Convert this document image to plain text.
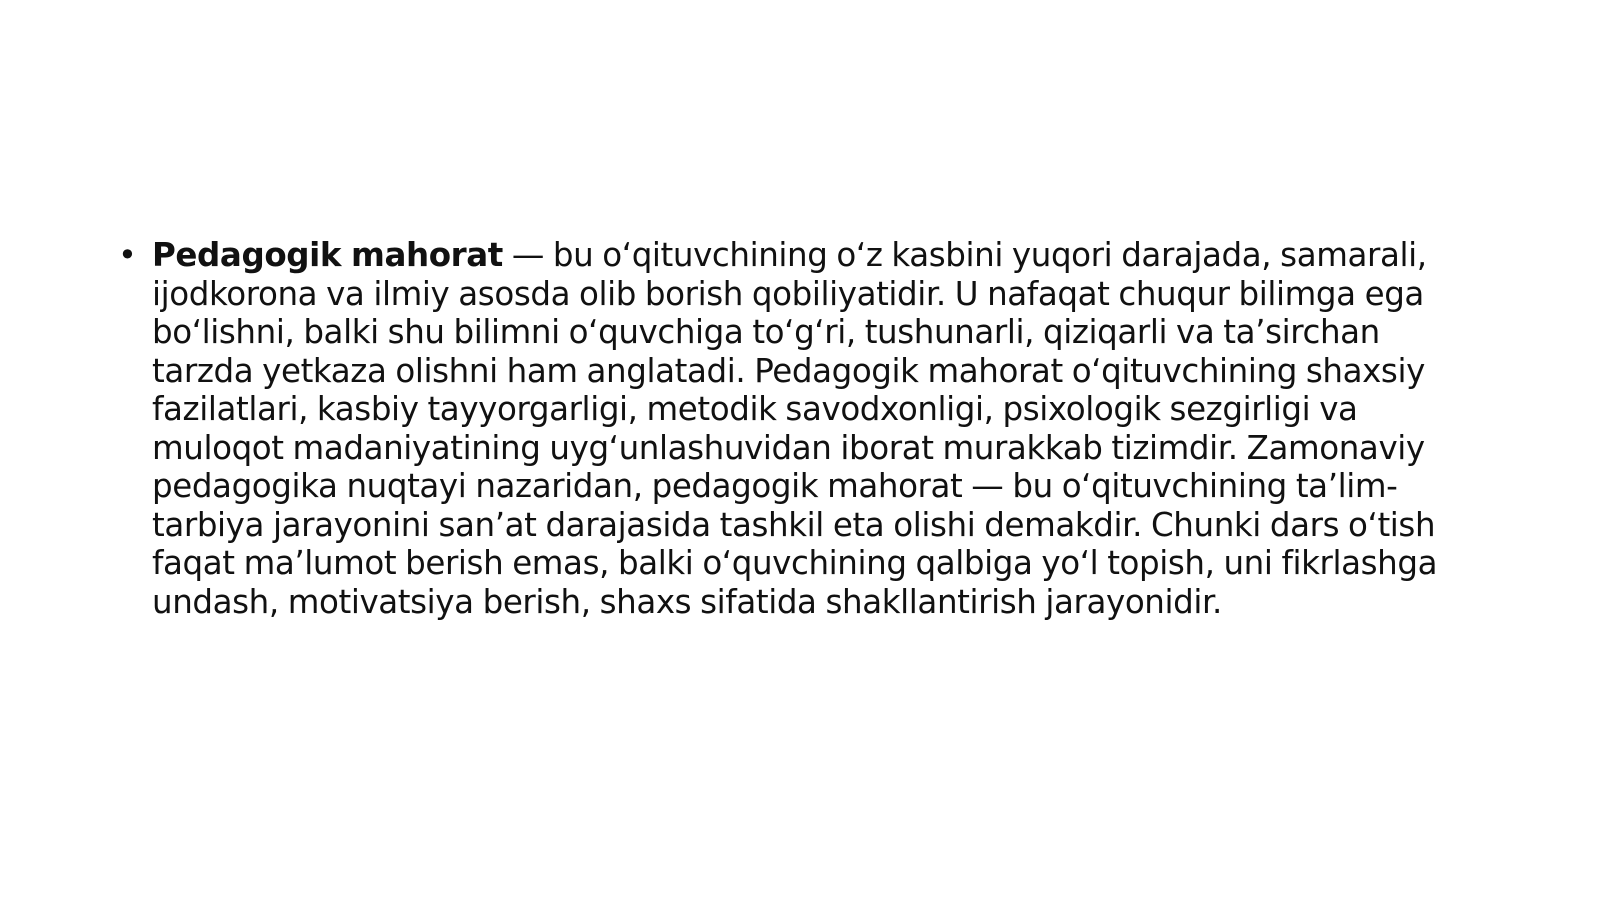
• Pedagogik mahorat — bu oʻqituvchining oʻz kasbini yuqori darajada, samarali, ijodkorona va ilmiy asosda olib borish qobiliyatidir. U nafaqat chuqur bilimga ega boʻlishni, balki shu bilimni oʻquvchiga toʻgʻri, tushunarli, qiziqarli va taʼsirchan tarzda yetkaza olishni ham anglatadi. Pedagogik mahorat oʻqituvchining shaxsiy fazilatlari, kasbiy tayyorgarligi, metodik savodxonligi, psixologik sezgirligi va muloqot madaniyatining uygʻunlashuvidan iborat murakkab tizimdir. Zamonaviy pedagogika nuqtayi nazaridan, pedagogik mahorat — bu oʻqituvchining taʼlim-tarbiya jarayonini sanʼat darajasida tashkil eta olishi demakdir. Chunki dars oʻtish faqat maʼlumot berish emas, balki oʻquvchining qalbiga yoʻl topish, uni fikrlashga undash, motivatsiya berish, shaxs sifatida shakllantirish jarayonidir.
